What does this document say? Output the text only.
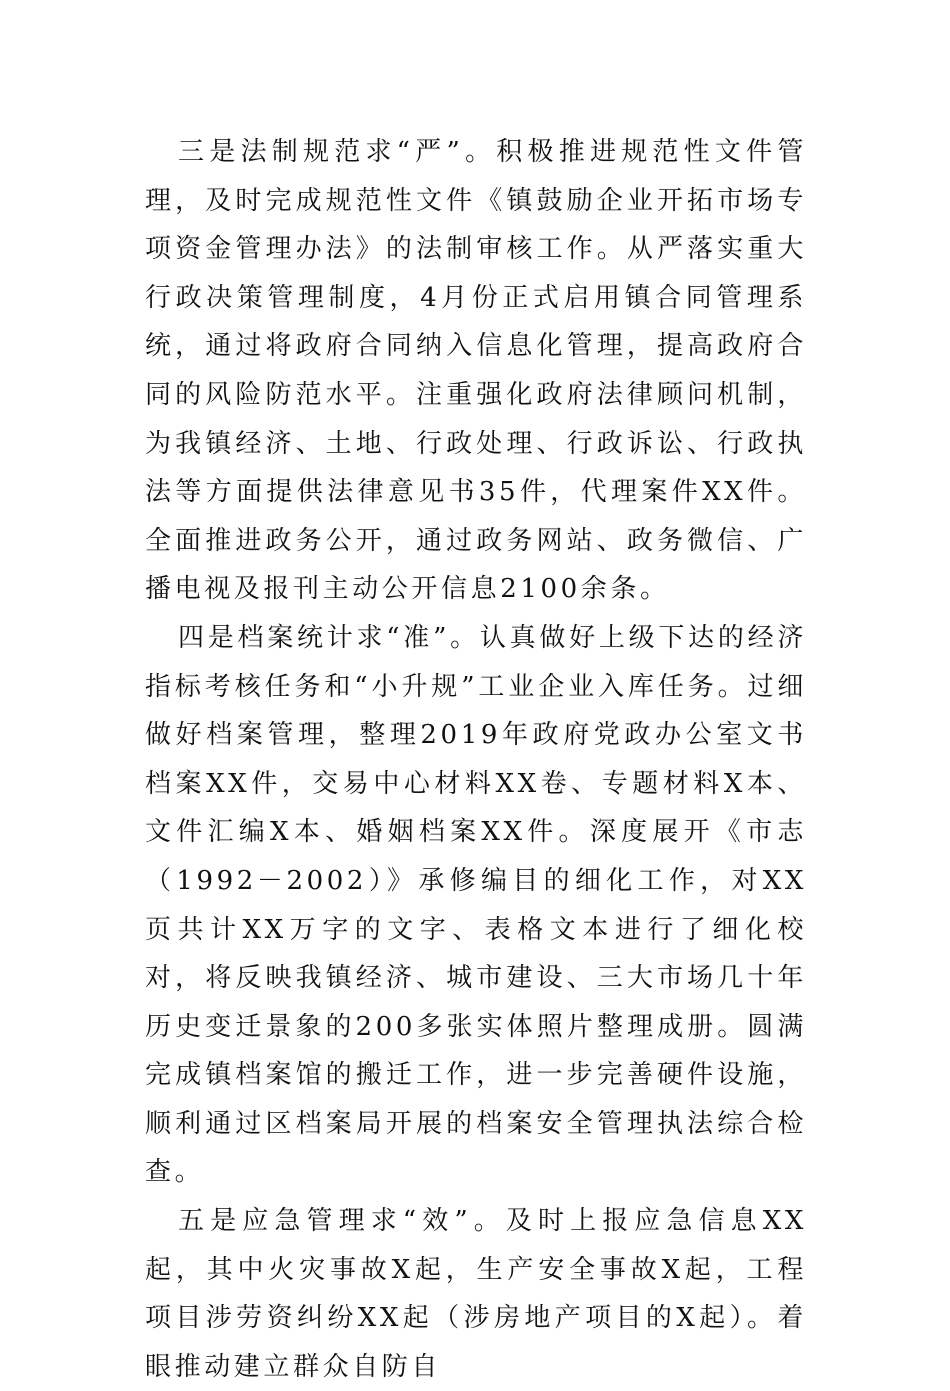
三是法制规范求“严”。积极推进规范性文件管理，及时完成规范性文件《镇鼓励企业开拓市场专项资金管理办法》的法制审核工作。从严落实重大行政决策管理制度，4月份正式启用镇合同管理系统，通过将政府合同纳入信息化管理，提高政府合同的风险防范水平。注重强化政府法律顾问机制，为我镇经济、土地、行政处理、行政诉讼、行政执法等方面提供法律意见书35件，代理案件XX件。全面推进政务公开，通过政务网站、政务微信、广播电视及报刊主动公开信息2100余条。

四是档案统计求“准”。认真做好上级下达的经济指标考核任务和“小升规”工业企业入库任务。过细做好档案管理，整理2019年政府党政办公室文书档案XX件，交易中心材料XX卷、专题材料X本、文件汇编X本、婚姻档案XX件。深度展开《市志（1992－2002）》承修编目的细化工作，对XX页共计XX万字的文字、表格文本进行了细化校对，将反映我镇经济、城市建设、三大市场几十年历史变迁景象的200多张实体照片整理成册。圆满完成镇档案馆的搬迁工作，进一步完善硬件设施，顺利通过区档案局开展的档案安全管理执法综合检查。

五是应急管理求“效”。及时上报应急信息XX起，其中火灾事故X起，生产安全事故X起，工程项目涉劳资纠纷XX起（涉房地产项目的X起）。着眼推动建立群众自防自
